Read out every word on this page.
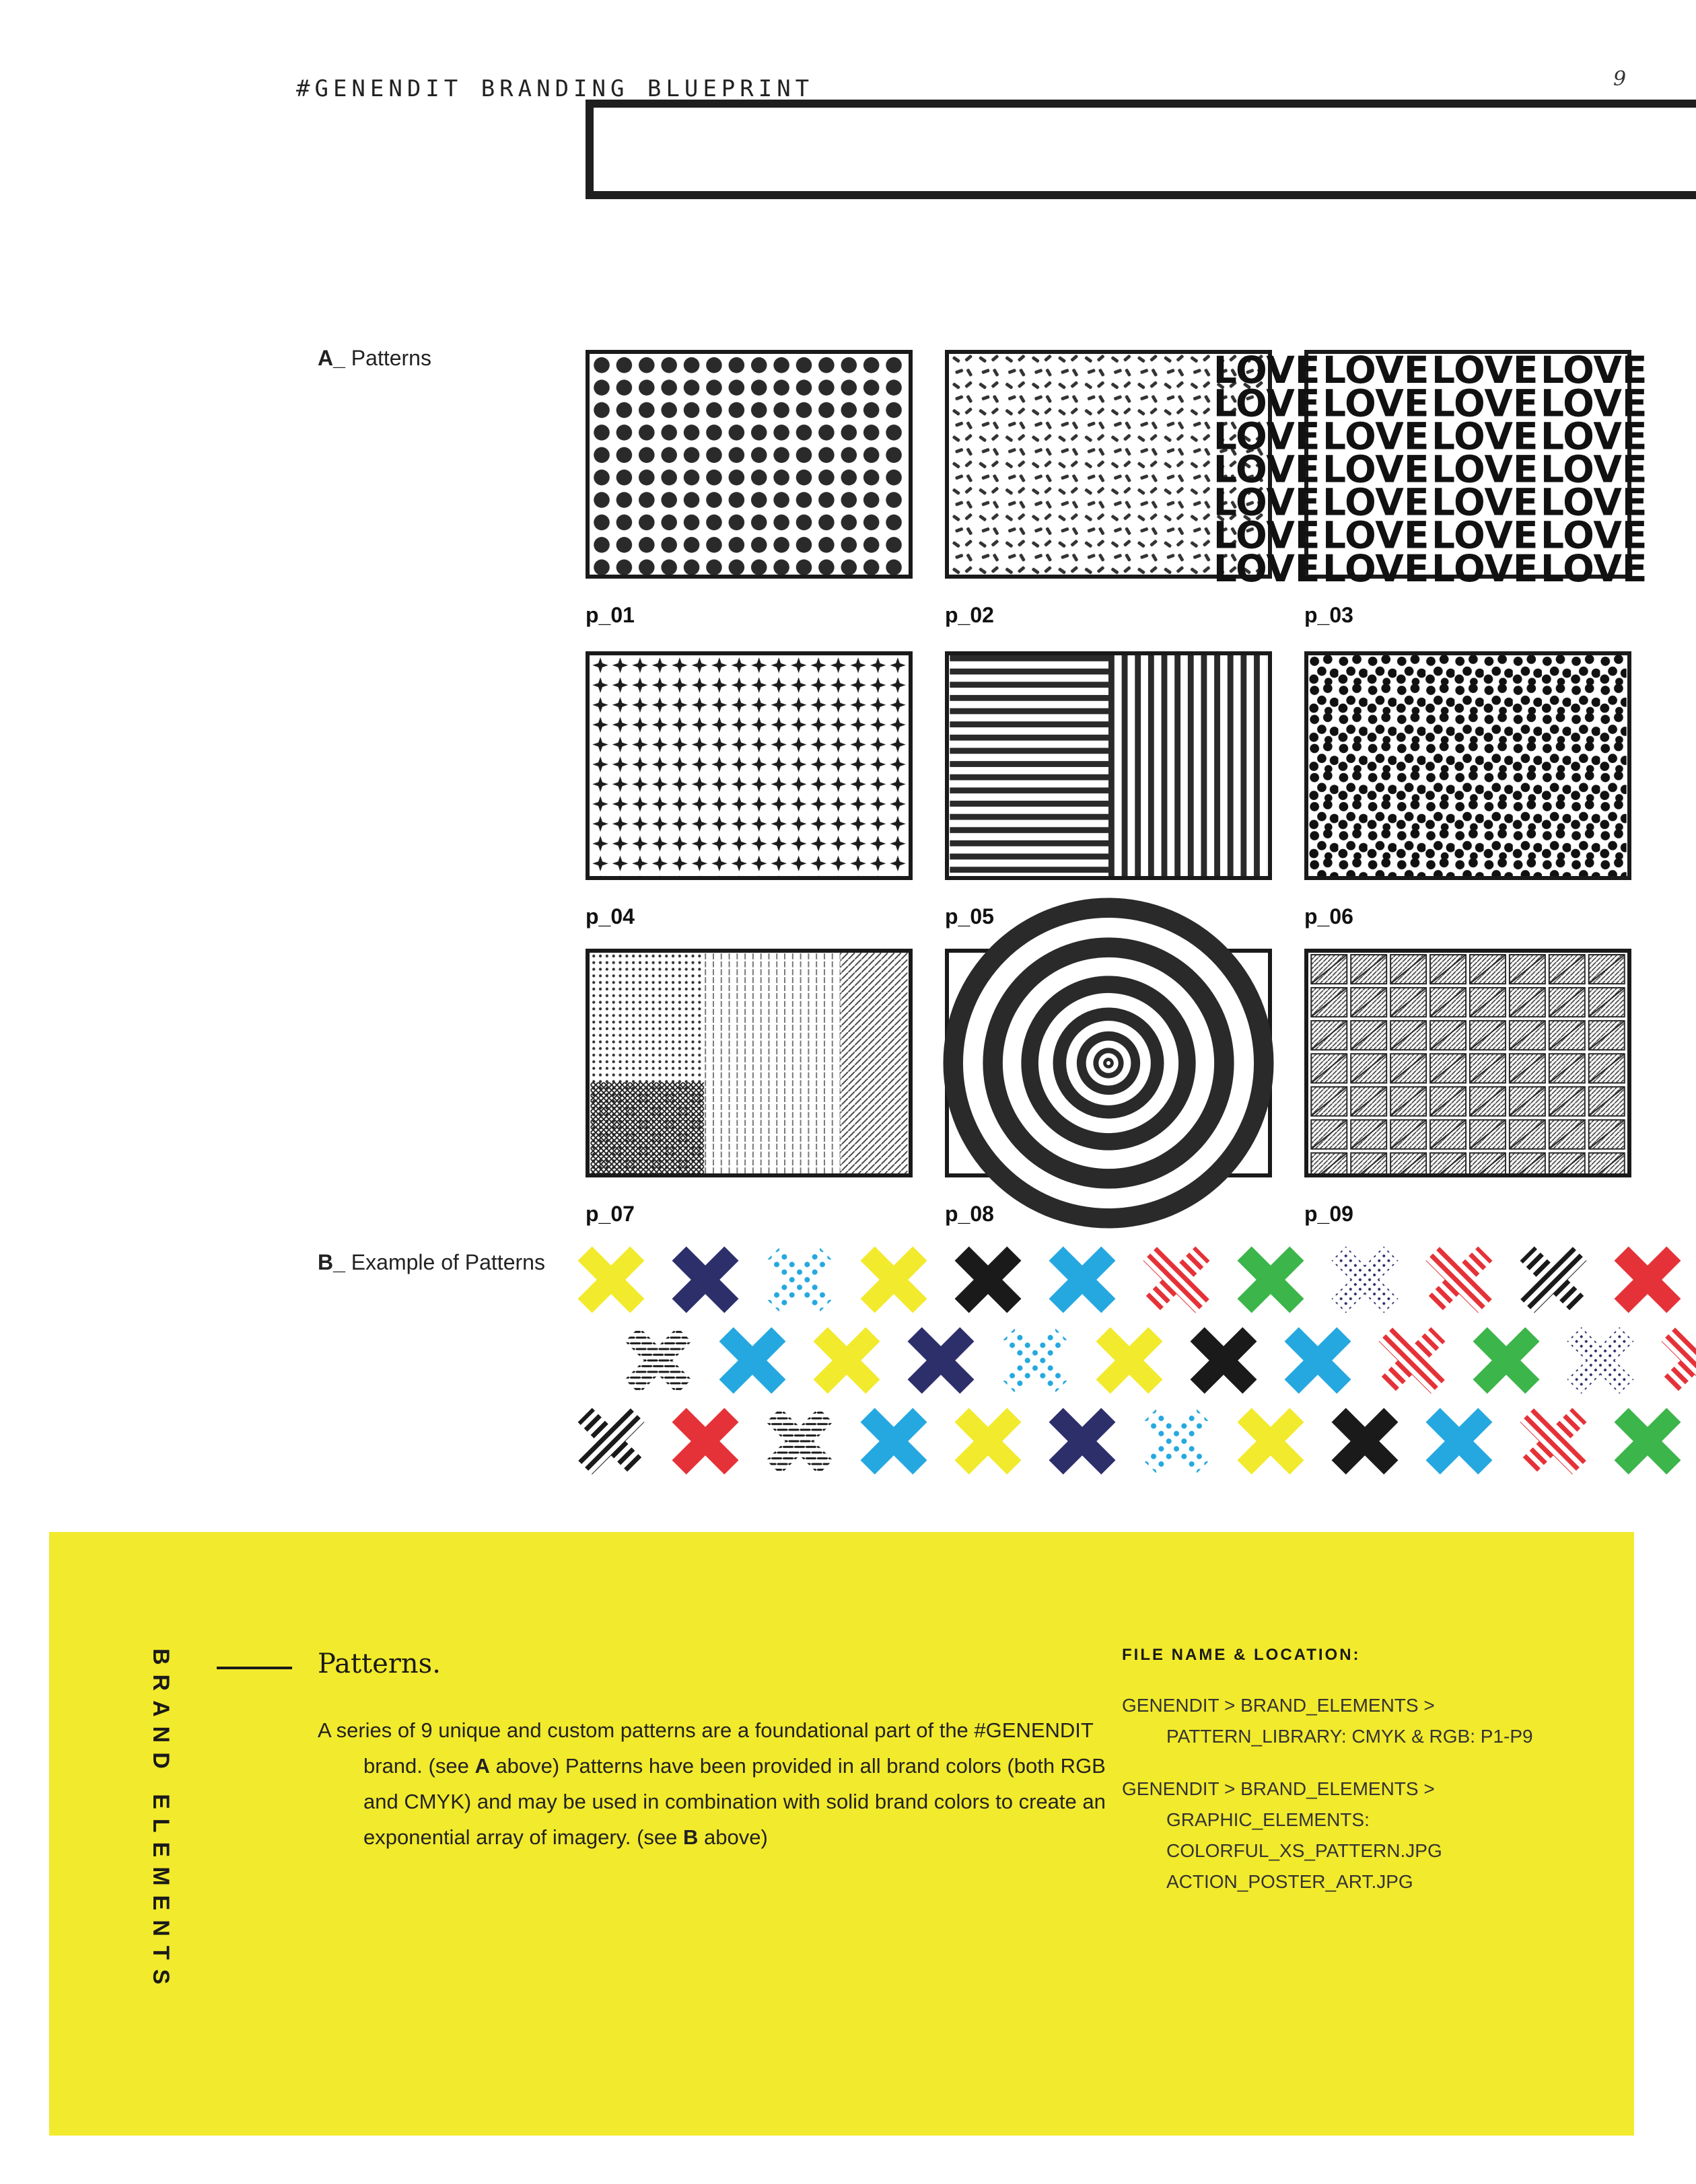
#GENENDIT BRANDING BLUEPRINT	9
A_ Patterns
p_01	p_02
LOVE LOVE LOVE LOVE
LOVE LOVE LOVE LOVE
LOVE LOVE LOVE LOVE
LOVE LOVE LOVE LOVE
LOVE LOVE LOVE LOVE
LOVE LOVE LOVE LOVE
LOVE LOVE LOVE LOVE
p_03
p_04	p_05	p_06
p_07	p_08	p_09
B_ Example of Patterns
BRAND ELEMENTS	Patterns.
A series of 9 unique and custom patterns are a foundational part of the #GENENDIT brand. (see A above) Patterns have been provided in all brand colors (both RGB and CMYK) and may be used in combination with solid brand colors to create an exponential array of imagery. (see B above)
FILE NAME & LOCATION:
GENENDIT > BRAND_ELEMENTS >
PATTERN_LIBRARY: CMYK & RGB: P1-P9
GENENDIT > BRAND_ELEMENTS >
GRAPHIC_ELEMENTS:
COLORFUL_XS_PATTERN.JPG
ACTION_POSTER_ART.JPG
